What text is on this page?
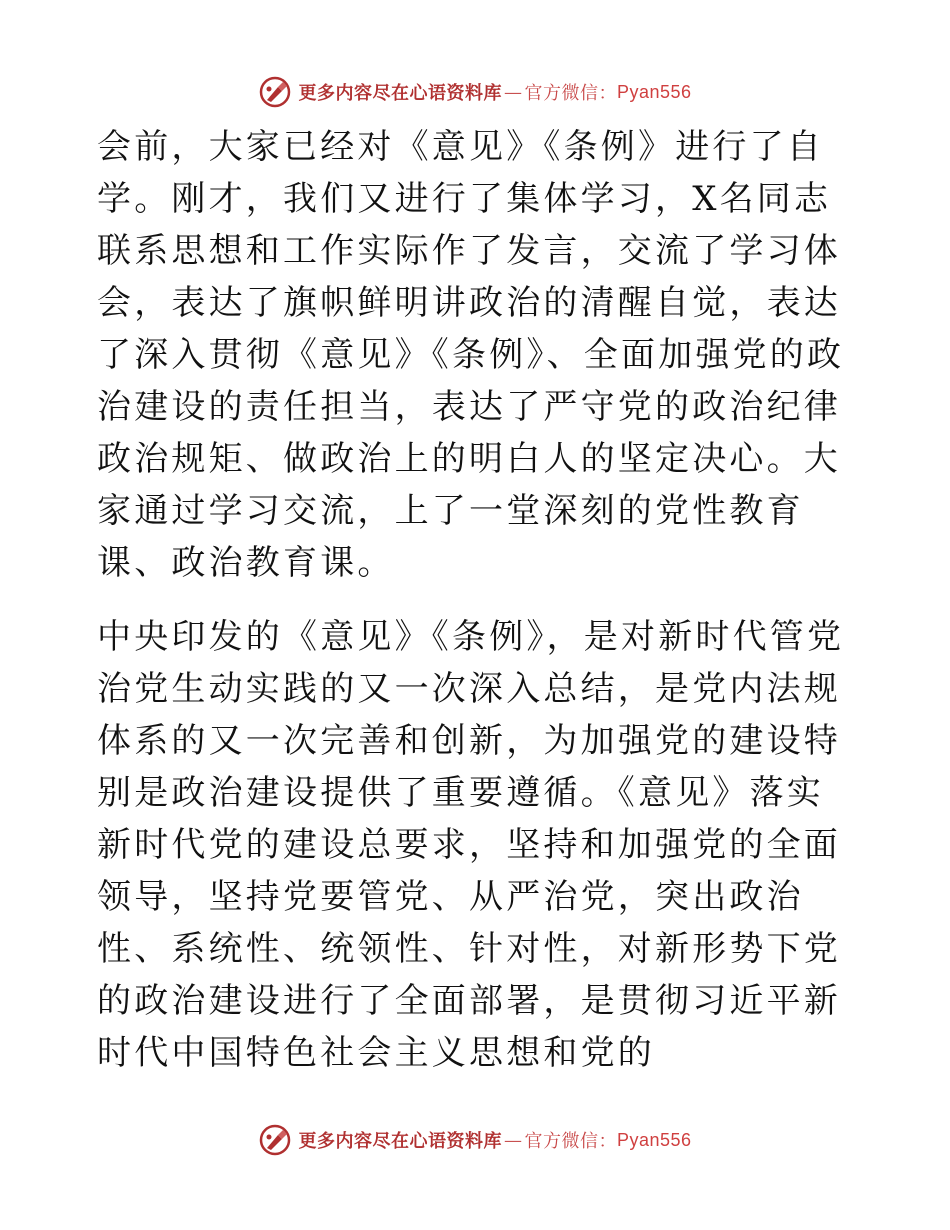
更多内容尽在心语资料库 — 官方微信： Pyan556

会前，大家已经对《意见》《条例》进行了自学。刚才，我们又进行了集体学习，X名同志联系思想和工作实际作了发言，交流了学习体会，表达了旗帜鲜明讲政治的清醒自觉，表达了深入贯彻《意见》《条例》、全面加强党的政治建设的责任担当，表达了严守党的政治纪律政治规矩、做政治上的明白人的坚定决心。大家通过学习交流，上了一堂深刻的党性教育课、政治教育课。

中央印发的《意见》《条例》，是对新时代管党治党生动实践的又一次深入总结，是党内法规体系的又一次完善和创新，为加强党的建设特别是政治建设提供了重要遵循。《意见》落实新时代党的建设总要求，坚持和加强党的全面领导，坚持党要管党、从严治党，突出政治性、系统性、统领性、针对性，对新形势下党的政治建设进行了全面部署，是贯彻习近平新时代中国特色社会主义思想和党的

更多内容尽在心语资料库 — 官方微信： Pyan556
